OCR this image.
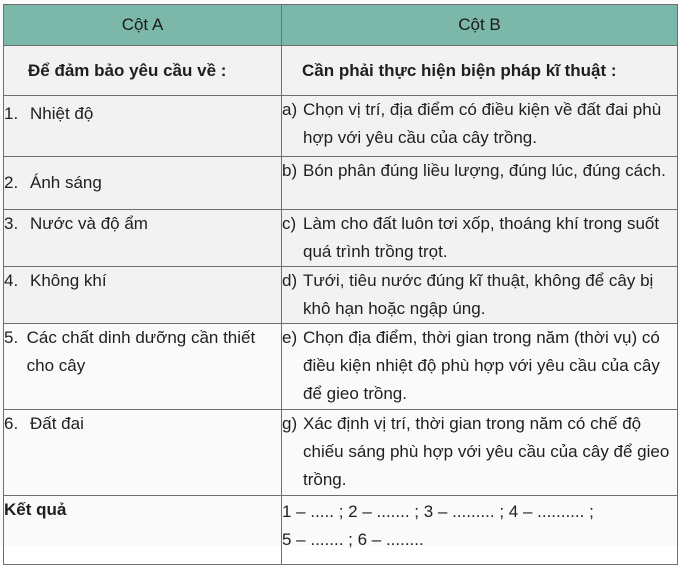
Cột A	Cột B
Để đảm bảo yêu cầu về :	Cần phải thực hiện biện pháp kĩ thuật :
1. Nhiệt độ	a) Chọn vị trí, địa điểm có điều kiện về đất đai phù hợp với yêu cầu của cây trồng.

2. Ánh sáng	b) Bón phân đúng liều lượng, đúng lúc, đúng cách.

3. Nước và độ ẩm	c) Làm cho đất luôn tơi xốp, thoáng khí trong suốt quá trình trồng trọt.

4. Không khí	d) Tưới, tiêu nước đúng kĩ thuật, không để cây bị khô hạn hoặc ngập úng.

5. Các chất dinh dưỡng cần thiết cho cây	e) Chọn địa điểm, thời gian trong năm (thời vụ) có điều kiện nhiệt độ phù hợp với yêu cầu của cây để gieo trồng.

6. Đất đai	g) Xác định vị trí, thời gian trong năm có chế độ chiếu sáng phù hợp với yêu cầu của cây để gieo trồng.

Kết quả	1 – ..... ; 2 – ....... ; 3 – ......... ; 4 – .......... ;
5 – ....... ; 6 – ........
